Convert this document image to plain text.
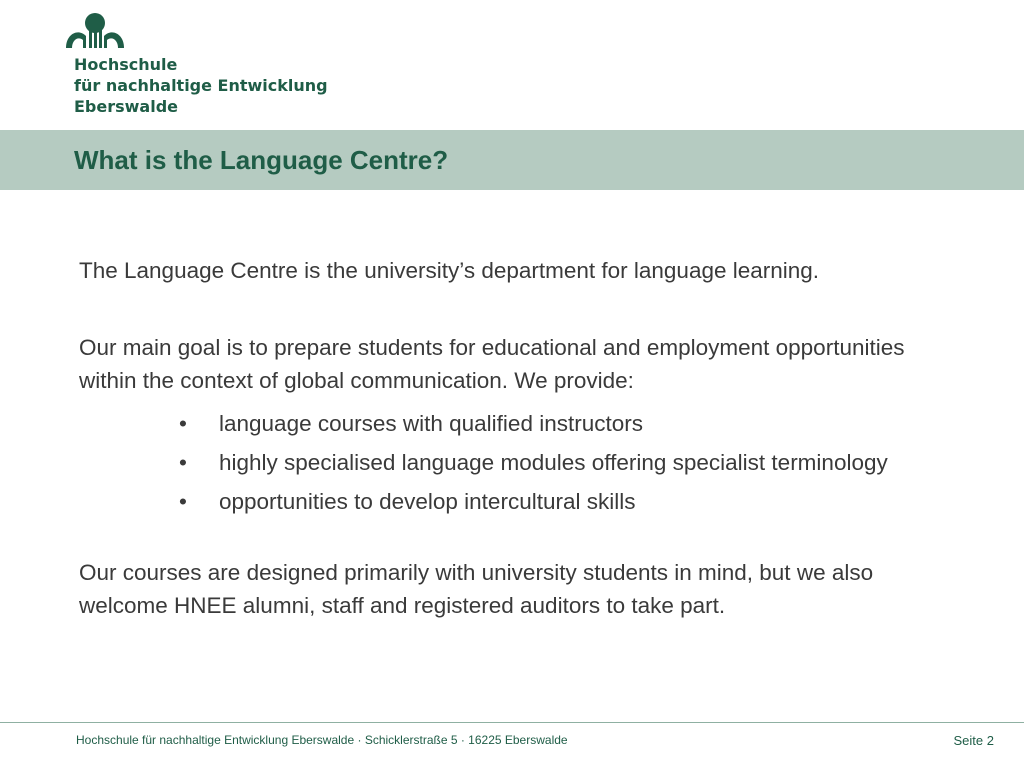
Hochschule
für nachhaltige Entwicklung
Eberswalde
What is the Language Centre?

The Language Centre is the university’s department for language learning.

Our main goal is to prepare students for educational and employment opportunities within the context of global communication. We provide:

• language courses with qualified instructors
• highly specialised language modules offering specialist terminology
• opportunities to develop intercultural skills

Our courses are designed primarily with university students in mind, but we also welcome HNEE alumni, staff and registered auditors to take part.

Hochschule für nachhaltige Entwicklung Eberswalde · Schicklerstraße 5 · 16225 Eberswalde	Seite 2
